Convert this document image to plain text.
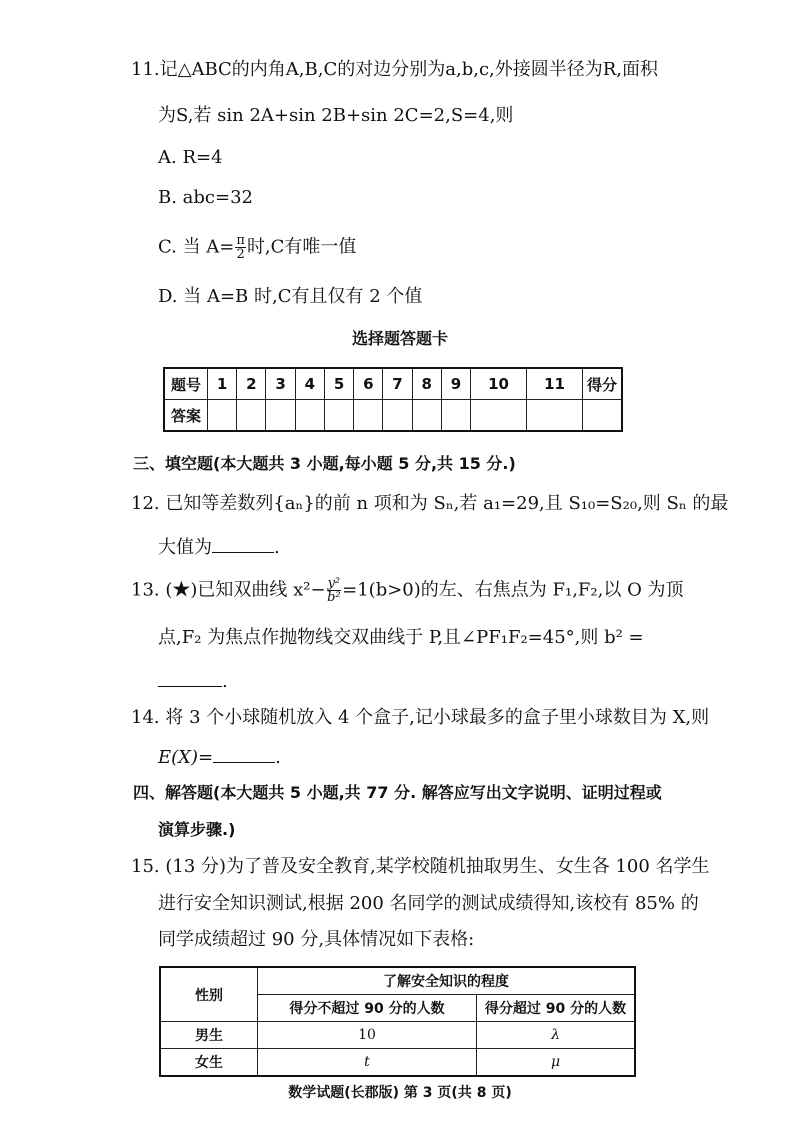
11.记△ABC的内角A,B,C的对边分别为a,b,c,外接圆半径为R,面积
为S,若 sin 2A+sin 2B+sin 2C=2,S=4,则
A. R=4
B. abc=32
C. 当 $A= \frac{\pi}{2}$ 时,C有唯一值
D. 当 A=B 时,C有且仅有 2 个值
选择题答题卡
题号	1	2	3	4	5	6	7	8	9	10	11	得分
答案												
三、填空题(本大题共 3 小题,每小题 5 分,共 15 分.)
12. 已知等差数列{aₙ}的前 n 项和为 Sₙ,若 a₁=29,且 S₁₀=S₂₀,则 Sₙ 的最
大值为	.
13. (★)已知双曲线 $x^2- \frac{\text{y²}}{\text{b²}} =1(b>0)$的左、右焦点为 F₁,F₂,以 O 为顶
点,F₂ 为焦点作抛物线交双曲线于 P,且∠PF₁F₂=45°,则 b² =
.
14. 将 3 个小球随机放入 4 个盒子,记小球最多的盒子里小球数目为 X,则
E(X)=	.
四、解答题(本大题共 5 小题,共 77 分. 解答应写出文字说明、证明过程或
演算步骤.)
15. (13 分)为了普及安全教育,某学校随机抽取男生、女生各 100 名学生
进行安全知识测试,根据 200 名同学的测试成绩得知,该校有 85% 的
同学成绩超过 90 分,具体情况如下表格:
性别	了解安全知识的程度	
	得分不超过 90 分的人数	得分超过 90 分的人数
男生	10	λ
女生	t	μ
数学试题(长郡版) 第 3 页(共 8 页)
